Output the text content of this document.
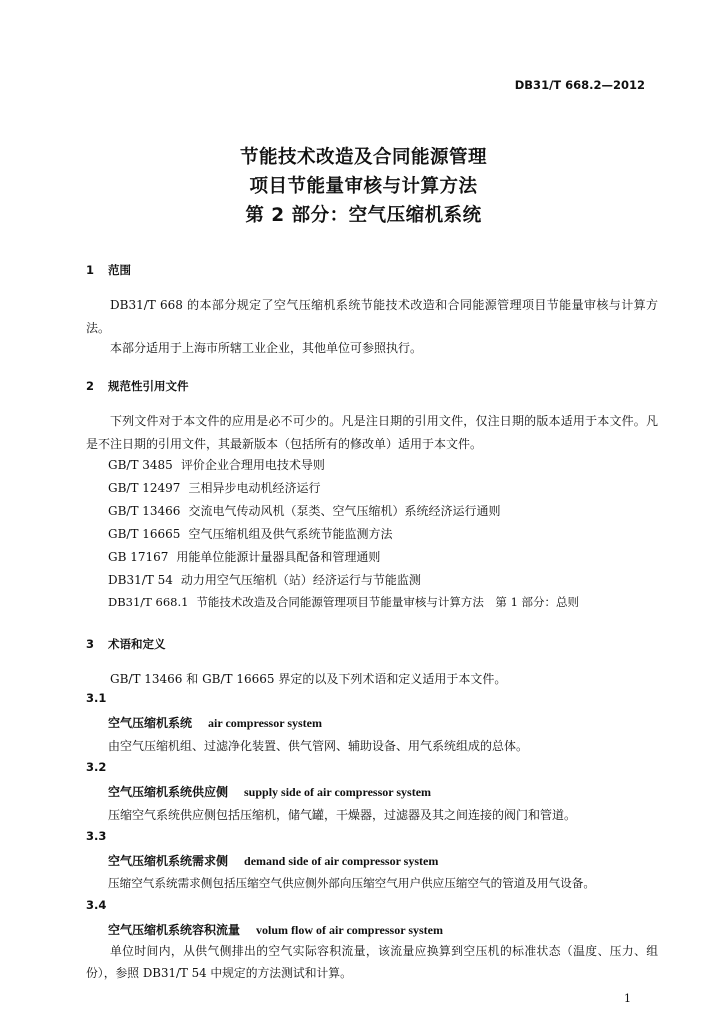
DB31/T 668.2—2012
节能技术改造及合同能源管理
项目节能量审核与计算方法
第 2 部分：空气压缩机系统
1 范围
DB31/T 668 的本部分规定了空气压缩机系统节能技术改造和合同能源管理项目节能量审核与计算方法。
本部分适用于上海市所辖工业企业，其他单位可参照执行。
2 规范性引用文件
下列文件对于本文件的应用是必不可少的。凡是注日期的引用文件，仅注日期的版本适用于本文件。凡是不注日期的引用文件，其最新版本（包括所有的修改单）适用于本文件。
GB/T 3485 评价企业合理用电技术导则
GB/T 12497 三相异步电动机经济运行
GB/T 13466 交流电气传动风机（泵类、空气压缩机）系统经济运行通则
GB/T 16665 空气压缩机组及供气系统节能监测方法
GB 17167 用能单位能源计量器具配备和管理通则
DB31/T 54 动力用空气压缩机（站）经济运行与节能监测
DB31/T 668.1 节能技术改造及合同能源管理项目节能量审核与计算方法　第 1 部分：总则
3 术语和定义
GB/T 13466 和 GB/T 16665 界定的以及下列术语和定义适用于本文件。
3.1
空气压缩机系统 air compressor system
由空气压缩机组、过滤净化装置、供气管网、辅助设备、用气系统组成的总体。
3.2
空气压缩机系统供应侧 supply side of air compressor system
压缩空气系统供应侧包括压缩机，储气罐，干燥器，过滤器及其之间连接的阀门和管道。
3.3
空气压缩机系统需求侧 demand side of air compressor system
压缩空气系统需求侧包括压缩空气供应侧外部向压缩空气用户供应压缩空气的管道及用气设备。
3.4
空气压缩机系统容积流量 volum flow of air compressor system
单位时间内，从供气侧排出的空气实际容积流量，该流量应换算到空压机的标准状态（温度、压力、组份），参照 DB31/T 54 中规定的方法测试和计算。
1
